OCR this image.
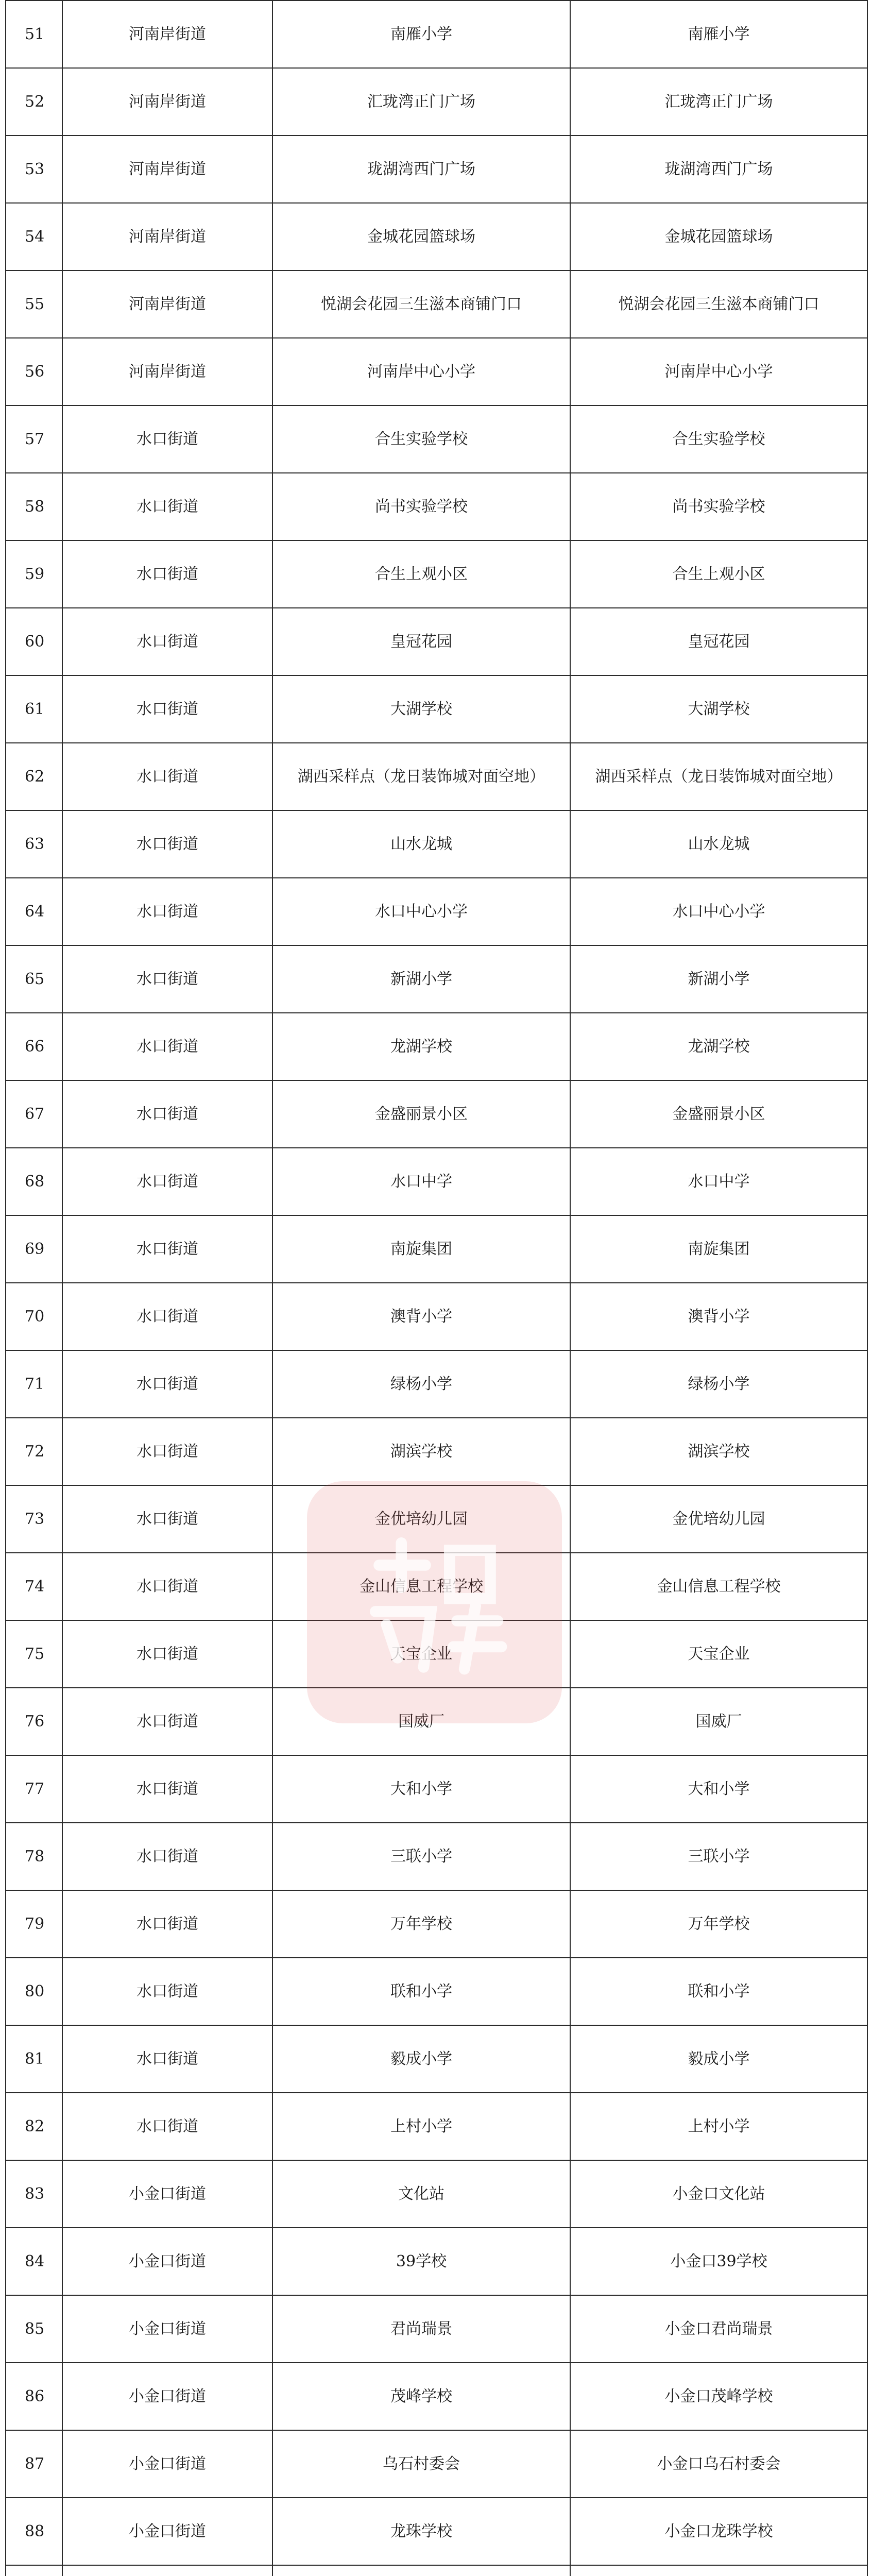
51	河南岸街道	南雁小学	南雁小学
52	河南岸街道	汇珑湾正门广场	汇珑湾正门广场
53	河南岸街道	珑湖湾西门广场	珑湖湾西门广场
54	河南岸街道	金城花园篮球场	金城花园篮球场
55	河南岸街道	悦湖会花园三生滋本商铺门口	悦湖会花园三生滋本商铺门口
56	河南岸街道	河南岸中心小学	河南岸中心小学
57	水口街道	合生实验学校	合生实验学校
58	水口街道	尚书实验学校	尚书实验学校
59	水口街道	合生上观小区	合生上观小区
60	水口街道	皇冠花园	皇冠花园
61	水口街道	大湖学校	大湖学校
62	水口街道	湖西采样点（龙日装饰城对面空地）	湖西采样点（龙日装饰城对面空地）
63	水口街道	山水龙城	山水龙城
64	水口街道	水口中心小学	水口中心小学
65	水口街道	新湖小学	新湖小学
66	水口街道	龙湖学校	龙湖学校
67	水口街道	金盛丽景小区	金盛丽景小区
68	水口街道	水口中学	水口中学
69	水口街道	南旋集团	南旋集团
70	水口街道	澳背小学	澳背小学
71	水口街道	绿杨小学	绿杨小学
72	水口街道	湖滨学校	湖滨学校
73	水口街道	金优培幼儿园	金优培幼儿园
74	水口街道	金山信息工程学校	金山信息工程学校
75	水口街道	天宝企业	天宝企业
76	水口街道	国威厂	国威厂
77	水口街道	大和小学	大和小学
78	水口街道	三联小学	三联小学
79	水口街道	万年学校	万年学校
80	水口街道	联和小学	联和小学
81	水口街道	毅成小学	毅成小学
82	水口街道	上村小学	上村小学
83	小金口街道	文化站	小金口文化站
84	小金口街道	39学校	小金口39学校
85	小金口街道	君尚瑞景	小金口君尚瑞景
86	小金口街道	茂峰学校	小金口茂峰学校
87	小金口街道	乌石村委会	小金口乌石村委会
88	小金口街道	龙珠学校	小金口龙珠学校
